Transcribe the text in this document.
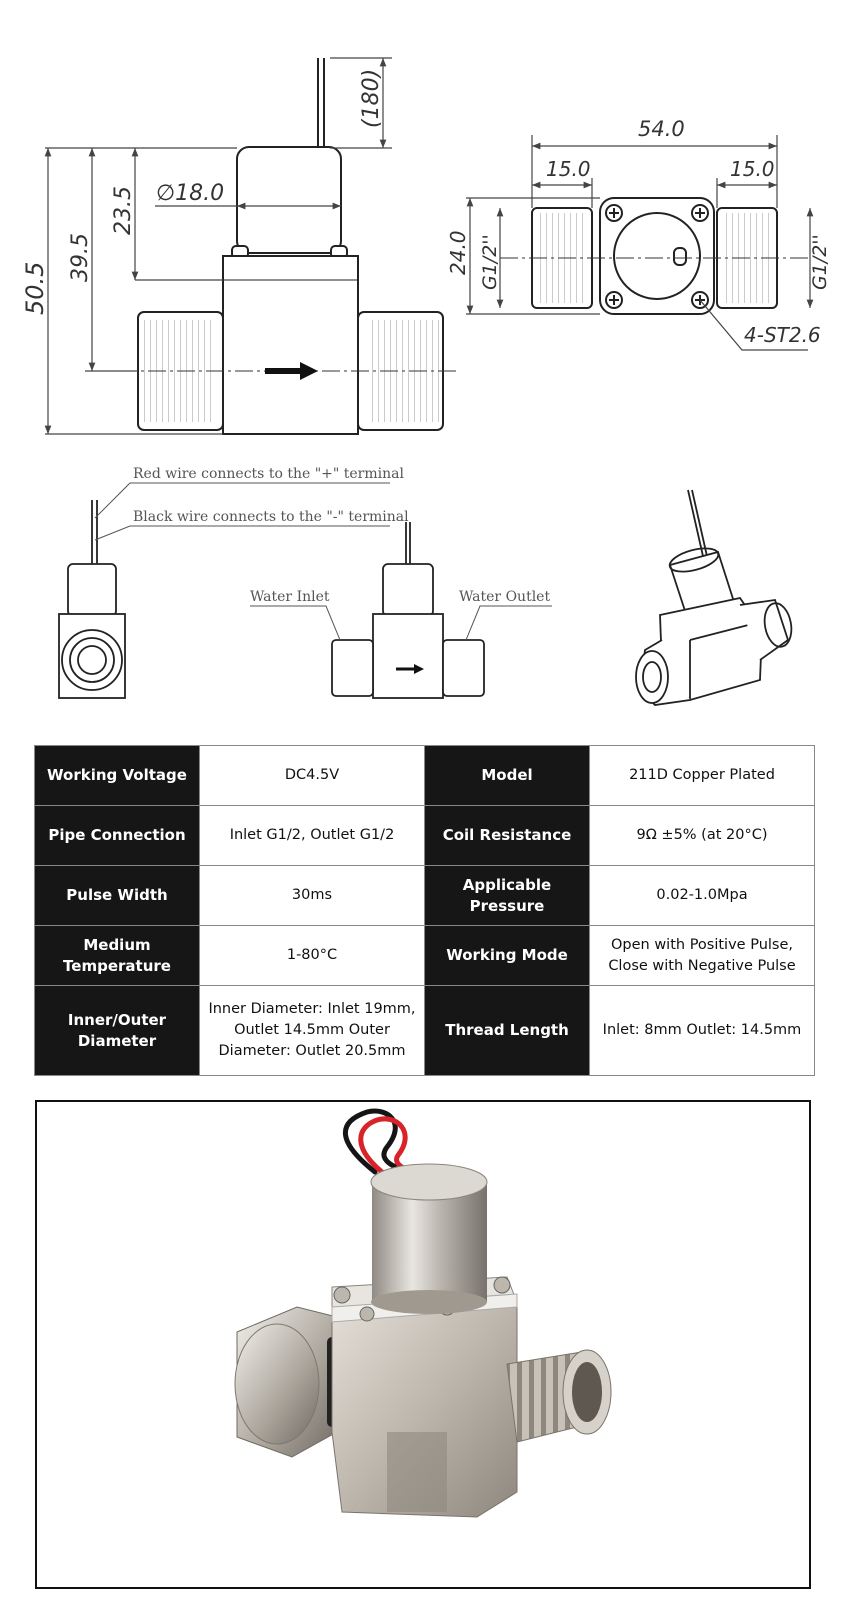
(180)
∅18.0
23.5
39.5
50.5
54.0
15.0	15.0
24.0 G1/2''	G1/2''
4-ST2.6
Red wire connects to the "+" terminal
Black wire connects to the "-" terminal
Water Inlet	Water Outlet
Working Voltage	DC4.5V	Model	211D Copper Plated
Pipe Connection	Inlet G1/2, Outlet G1/2	Coil Resistance	9Ω ±5% (at 20°C)
Pulse Width	30ms	Applicable Pressure	0.02-1.0Mpa
Medium Temperature	1-80°C	Working Mode	Open with Positive Pulse, Close with Negative Pulse
Inner/Outer Diameter	Inner Diameter: Inlet 19mm, Outlet 14.5mm Outer Diameter: Outlet 20.5mm	Thread Length	Inlet: 8mm Outlet: 14.5mm
